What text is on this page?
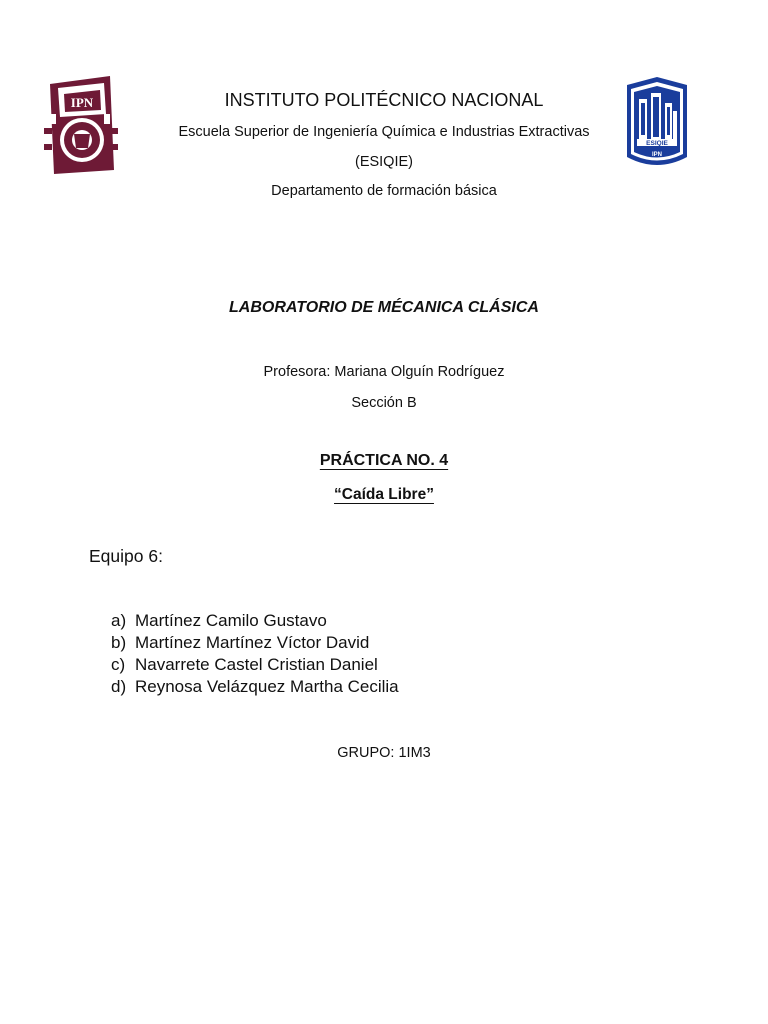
IPN
ESIQIE
IPN
INSTITUTO POLITÉCNICO NACIONAL
Escuela Superior de Ingeniería Química e Industrias Extractivas
(ESIQIE)
Departamento de formación básica
LABORATORIO DE MÉCANICA CLÁSICA
Profesora: Mariana Olguín Rodríguez
Sección B
PRÁCTICA NO. 4
“Caída Libre”
Equipo 6:
a) Martínez Camilo Gustavo
b) Martínez Martínez Víctor David
c) Navarrete Castel Cristian Daniel
d) Reynosa Velázquez Martha Cecilia
GRUPO: 1IM3
